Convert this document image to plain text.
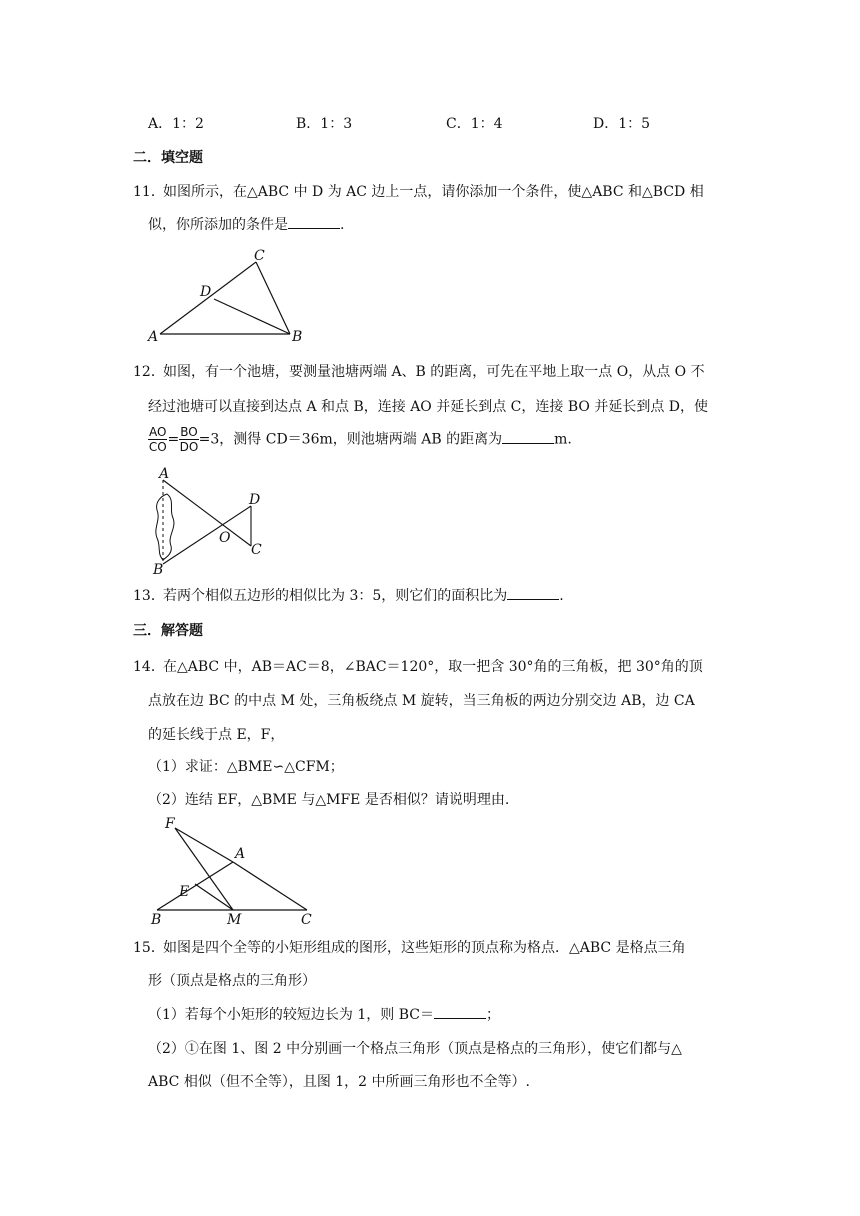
A．1：2	B．1：3	C．1：4	D．1：5
二．填空题
11．
如图所示，在△ABC 中 D 为 AC 边上一点，请你添加一个条件，使△ABC 和△BCD 相
似，你所添加的条件是	.
C
D
A	B
12．
如图，有一个池塘，要测量池塘两端 A、B 的距离，可先在平地上取一点 O，从点 O 不
经过池塘可以直接到达点 A 和点 B，连接 AO 并延长到点 C，连接 BO 并延长到点 D，使
$\frac{AO}{CO} = \frac{BO}{DO} =3$，测得 CD＝36m，则池塘两端 AB 的距离为	m.
A
B
D
C
O
13．
若两个相似五边形的相似比为 3：5，则它们的面积比为	.
三．解答题
14．
在△ABC 中，AB＝AC＝8，∠BAC＝120°，取一把含 30°角的三角板，把 30°角的顶
点放在边 BC 的中点 M 处，三角板绕点 M 旋转，当三角板的两边分别交边 AB，边 CA
的延长线于点 E，F，
（1）求证：△BME∽△CFM；
（2）连结 EF，△BME 与△MFE 是否相似？请说明理由.
F
A
E
B	M	C
15．
如图是四个全等的小矩形组成的图形，这些矩形的顶点称为格点．△ABC 是格点三角
形（顶点是格点的三角形）
（1）若每个小矩形的较短边长为 1，则 BC＝	；
（2）①在图 1、图 2 中分别画一个格点三角形（顶点是格点的三角形），使它们都与△
ABC 相似（但不全等），且图 1，2 中所画三角形也不全等）.
